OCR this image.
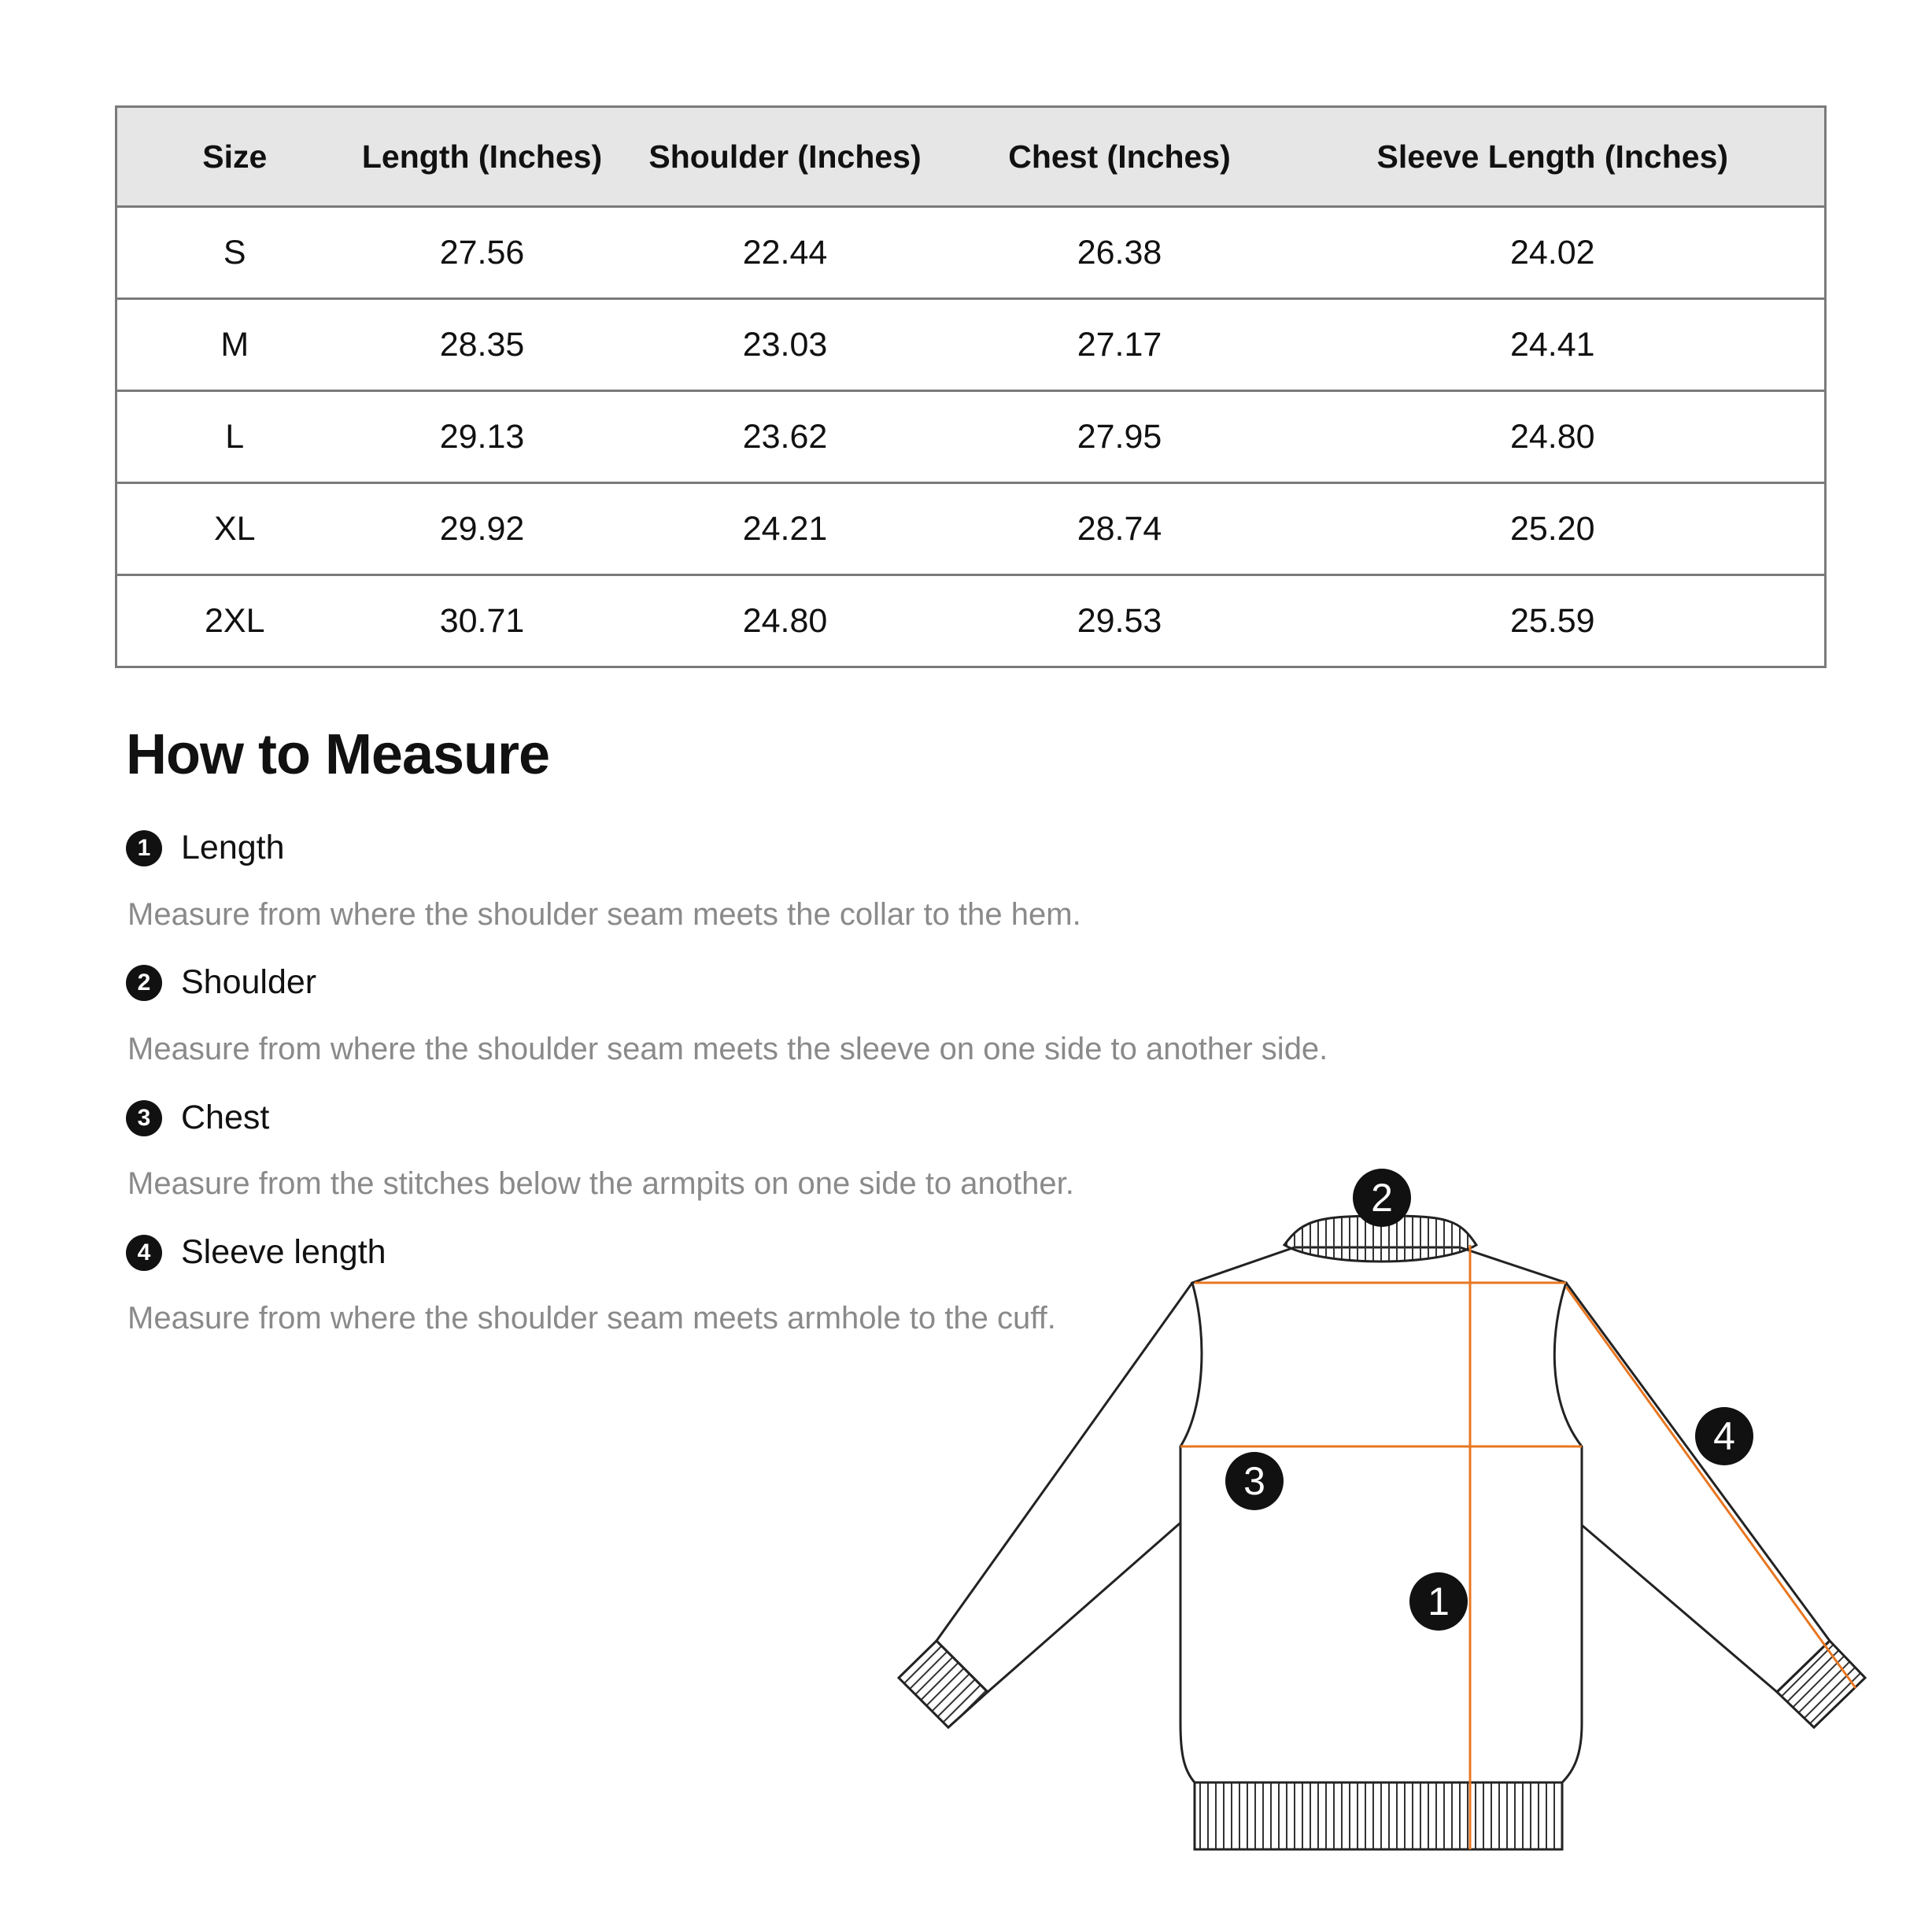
Size	Length (Inches)	Shoulder (Inches)	Chest (Inches)	Sleeve Length (Inches)
S	27.56	22.44	26.38	24.02
M	28.35	23.03	27.17	24.41
L	29.13	23.62	27.95	24.80
XL	29.92	24.21	28.74	25.20
2XL	30.71	24.80	29.53	25.59
How to Measure
1 Length
Measure from where the shoulder seam meets the collar to the hem.
2 Shoulder
Measure from where the shoulder seam meets the sleeve on one side to another side.
3 Chest
Measure from the stitches below the armpits on one side to another.
4 Sleeve length
Measure from where the shoulder seam meets armhole to the cuff.
1
2
3
4
